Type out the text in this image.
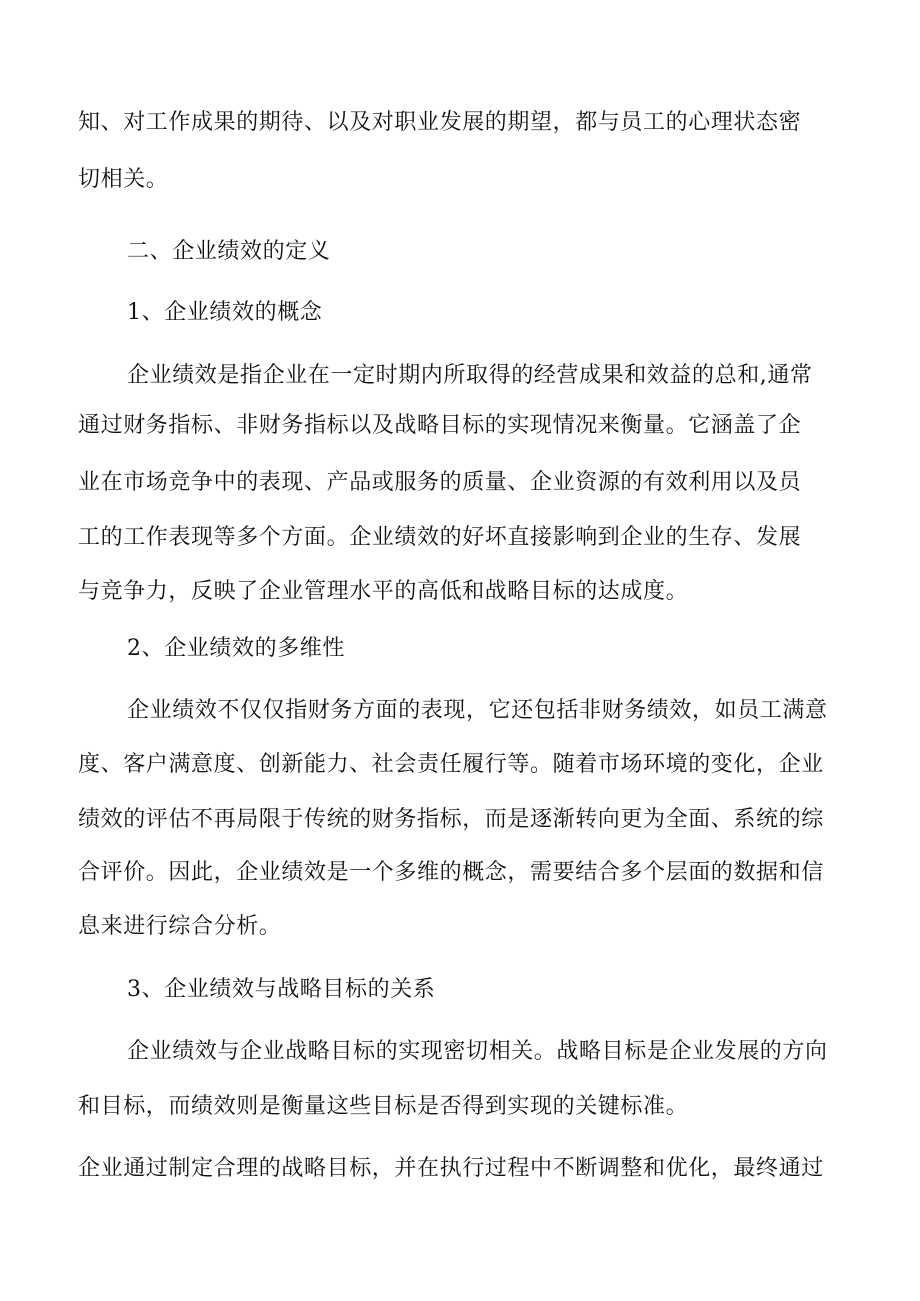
知、对工作成果的期待、以及对职业发展的期望，都与员工的心理状态密
切相关。
二、企业绩效的定义
1、企业绩效的概念
企业绩效是指企业在一定时期内所取得的经营成果和效益的总和,通常
通过财务指标、非财务指标以及战略目标的实现情况来衡量。它涵盖了企
业在市场竞争中的表现、产品或服务的质量、企业资源的有效利用以及员
工的工作表现等多个方面。企业绩效的好坏直接影响到企业的生存、发展
与竞争力，反映了企业管理水平的高低和战略目标的达成度。
2、企业绩效的多维性
企业绩效不仅仅指财务方面的表现，它还包括非财务绩效，如员工满意
度、客户满意度、创新能力、社会责任履行等。随着市场环境的变化，企业
绩效的评估不再局限于传统的财务指标，而是逐渐转向更为全面、系统的综
合评价。因此，企业绩效是一个多维的概念，需要结合多个层面的数据和信
息来进行综合分析。
3、企业绩效与战略目标的关系
企业绩效与企业战略目标的实现密切相关。战略目标是企业发展的方向
和目标，而绩效则是衡量这些目标是否得到实现的关键标准。
企业通过制定合理的战略目标，并在执行过程中不断调整和优化，最终通过
